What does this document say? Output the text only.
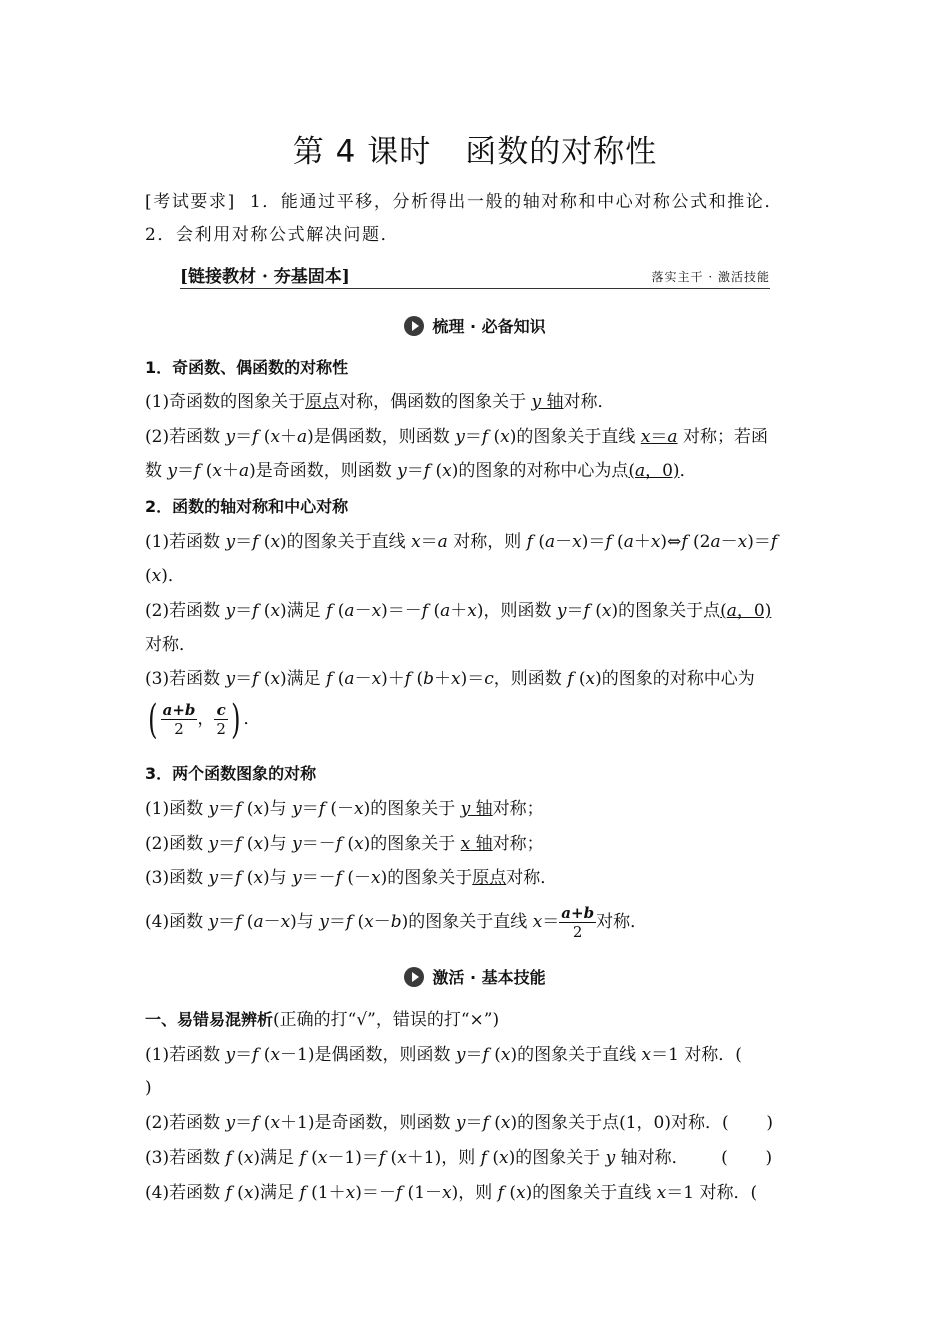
第 4 课时 函数的对称性
[考试要求] 1．能通过平移，分析得出一般的轴对称和中心对称公式和推论．
2．会利用对称公式解决问题．
[链接教材 · 夯基固本]	落实主干 · 激活技能
梳理 · 必备知识
1．奇函数、偶函数的对称性
(1)奇函数的图象关于原点对称，偶函数的图象关于 y 轴对称．
(2)若函数 y＝f (x＋a)是偶函数，则函数 y＝f (x)的图象关于直线 x＝a 对称；若函
数 y＝f (x＋a)是奇函数，则函数 y＝f (x)的图象的对称中心为点(a，0)．
2．函数的轴对称和中心对称
(1)若函数 y＝f (x)的图象关于直线 x＝a 对称，则 f (a－x)＝f (a＋x)⇔f (2a－x)＝f
(x)．
(2)若函数 y＝f (x)满足 f (a－x)＝－f (a＋x)，则函数 y＝f (x)的图象关于点(a，0)
对称．
(3)若函数 y＝f (x)满足 f (a－x)＋f (b＋x)＝c，则函数 f (x)的图象的对称中心为
( $\frac{a+b}{2}$ ， $\frac{c}{2}$ ) ．
3．两个函数图象的对称
(1)函数 y＝f (x)与 y＝f (－x)的图象关于 y 轴对称；
(2)函数 y＝f (x)与 y＝－f (x)的图象关于 x 轴对称；
(3)函数 y＝f (x)与 y＝－f (－x)的图象关于原点对称．
(4)函数 y＝f (a－x)与 y＝f (x－b)的图象关于直线 $x= \frac{a+b}{2}$ 对称．
激活 · 基本技能
一、易错易混辨析(正确的打“√”，错误的打“×”)
(1)若函数 y＝f (x－1)是偶函数，则函数 y＝f (x)的图象关于直线 x＝1 对称．(
)
(2)若函数 y＝f (x＋1)是奇函数，则函数 y＝f (x)的图象关于点(1，0)对称．(       )
(3)若函数 f (x)满足 f (x－1)＝f (x＋1)，则 f (x)的图象关于 y 轴对称．      (       )
(4)若函数 f (x)满足 f (1＋x)＝－f (1－x)，则 f (x)的图象关于直线 x＝1 对称．(
